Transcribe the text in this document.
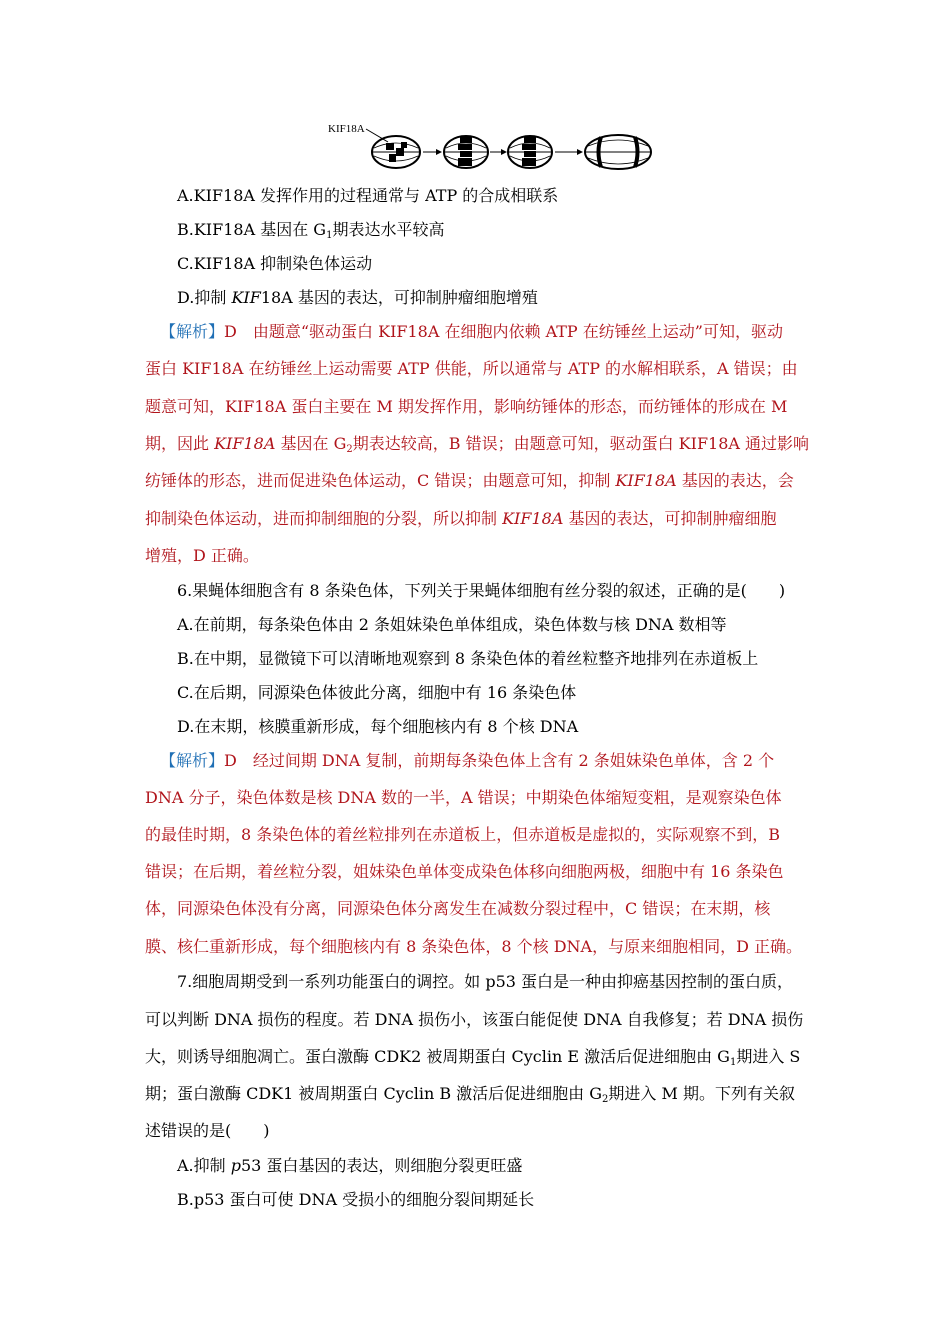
KIF18A
A.KIF18A 发挥作用的过程通常与 ATP 的合成相联系
B.KIF18A 基因在 $G_1$期表达水平较高
C.KIF18A 抑制染色体运动
D.抑制 KIF18A 基因的表达，可抑制肿瘤细胞增殖
【解析】D　由题意“驱动蛋白 KIF18A 在细胞内依赖 ATP 在纺锤丝上运动”可知，驱动
蛋白 KIF18A 在纺锤丝上运动需要 ATP 供能，所以通常与 ATP 的水解相联系，A 错误；由
题意可知，KIF18A 蛋白主要在 M 期发挥作用，影响纺锤体的形态，而纺锤体的形成在 M
期，因此 KIF18A 基因在 $G_2$期表达较高，B 错误；由题意可知，驱动蛋白 KIF18A 通过影响
纺锤体的形态，进而促进染色体运动，C 错误；由题意可知，抑制 KIF18A 基因的表达，会
抑制染色体运动，进而抑制细胞的分裂，所以抑制 KIF18A 基因的表达，可抑制肿瘤细胞
增殖，D 正确。
6.果蝇体细胞含有 8 条染色体，下列关于果蝇体细胞有丝分裂的叙述，正确的是(　　)
A.在前期，每条染色体由 2 条姐妹染色单体组成，染色体数与核 DNA 数相等
B.在中期，显微镜下可以清晰地观察到 8 条染色体的着丝粒整齐地排列在赤道板上
C.在后期，同源染色体彼此分离，细胞中有 16 条染色体
D.在末期，核膜重新形成，每个细胞核内有 8 个核 DNA
【解析】D　经过间期 DNA 复制，前期每条染色体上含有 2 条姐妹染色单体，含 2 个
DNA 分子，染色体数是核 DNA 数的一半，A 错误；中期染色体缩短变粗，是观察染色体
的最佳时期，8 条染色体的着丝粒排列在赤道板上，但赤道板是虚拟的，实际观察不到，B
错误；在后期，着丝粒分裂，姐妹染色单体变成染色体移向细胞两极，细胞中有 16 条染色
体，同源染色体没有分离，同源染色体分离发生在减数分裂过程中，C 错误；在末期，核
膜、核仁重新形成，每个细胞核内有 8 条染色体，8 个核 DNA，与原来细胞相同，D 正确。
7.细胞周期受到一系列功能蛋白的调控。如 p53 蛋白是一种由抑癌基因控制的蛋白质，
可以判断 DNA 损伤的程度。若 DNA 损伤小，该蛋白能促使 DNA 自我修复；若 DNA 损伤
大，则诱导细胞凋亡。蛋白激酶 CDK2 被周期蛋白 Cyclin E 激活后促进细胞由 $G_1$期进入 S
期；蛋白激酶 CDK1 被周期蛋白 Cyclin B 激活后促进细胞由 $G_2$期进入 M 期。下列有关叙
述错误的是(　　)
A.抑制 p53 蛋白基因的表达，则细胞分裂更旺盛
B.p53 蛋白可使 DNA 受损小的细胞分裂间期延长
